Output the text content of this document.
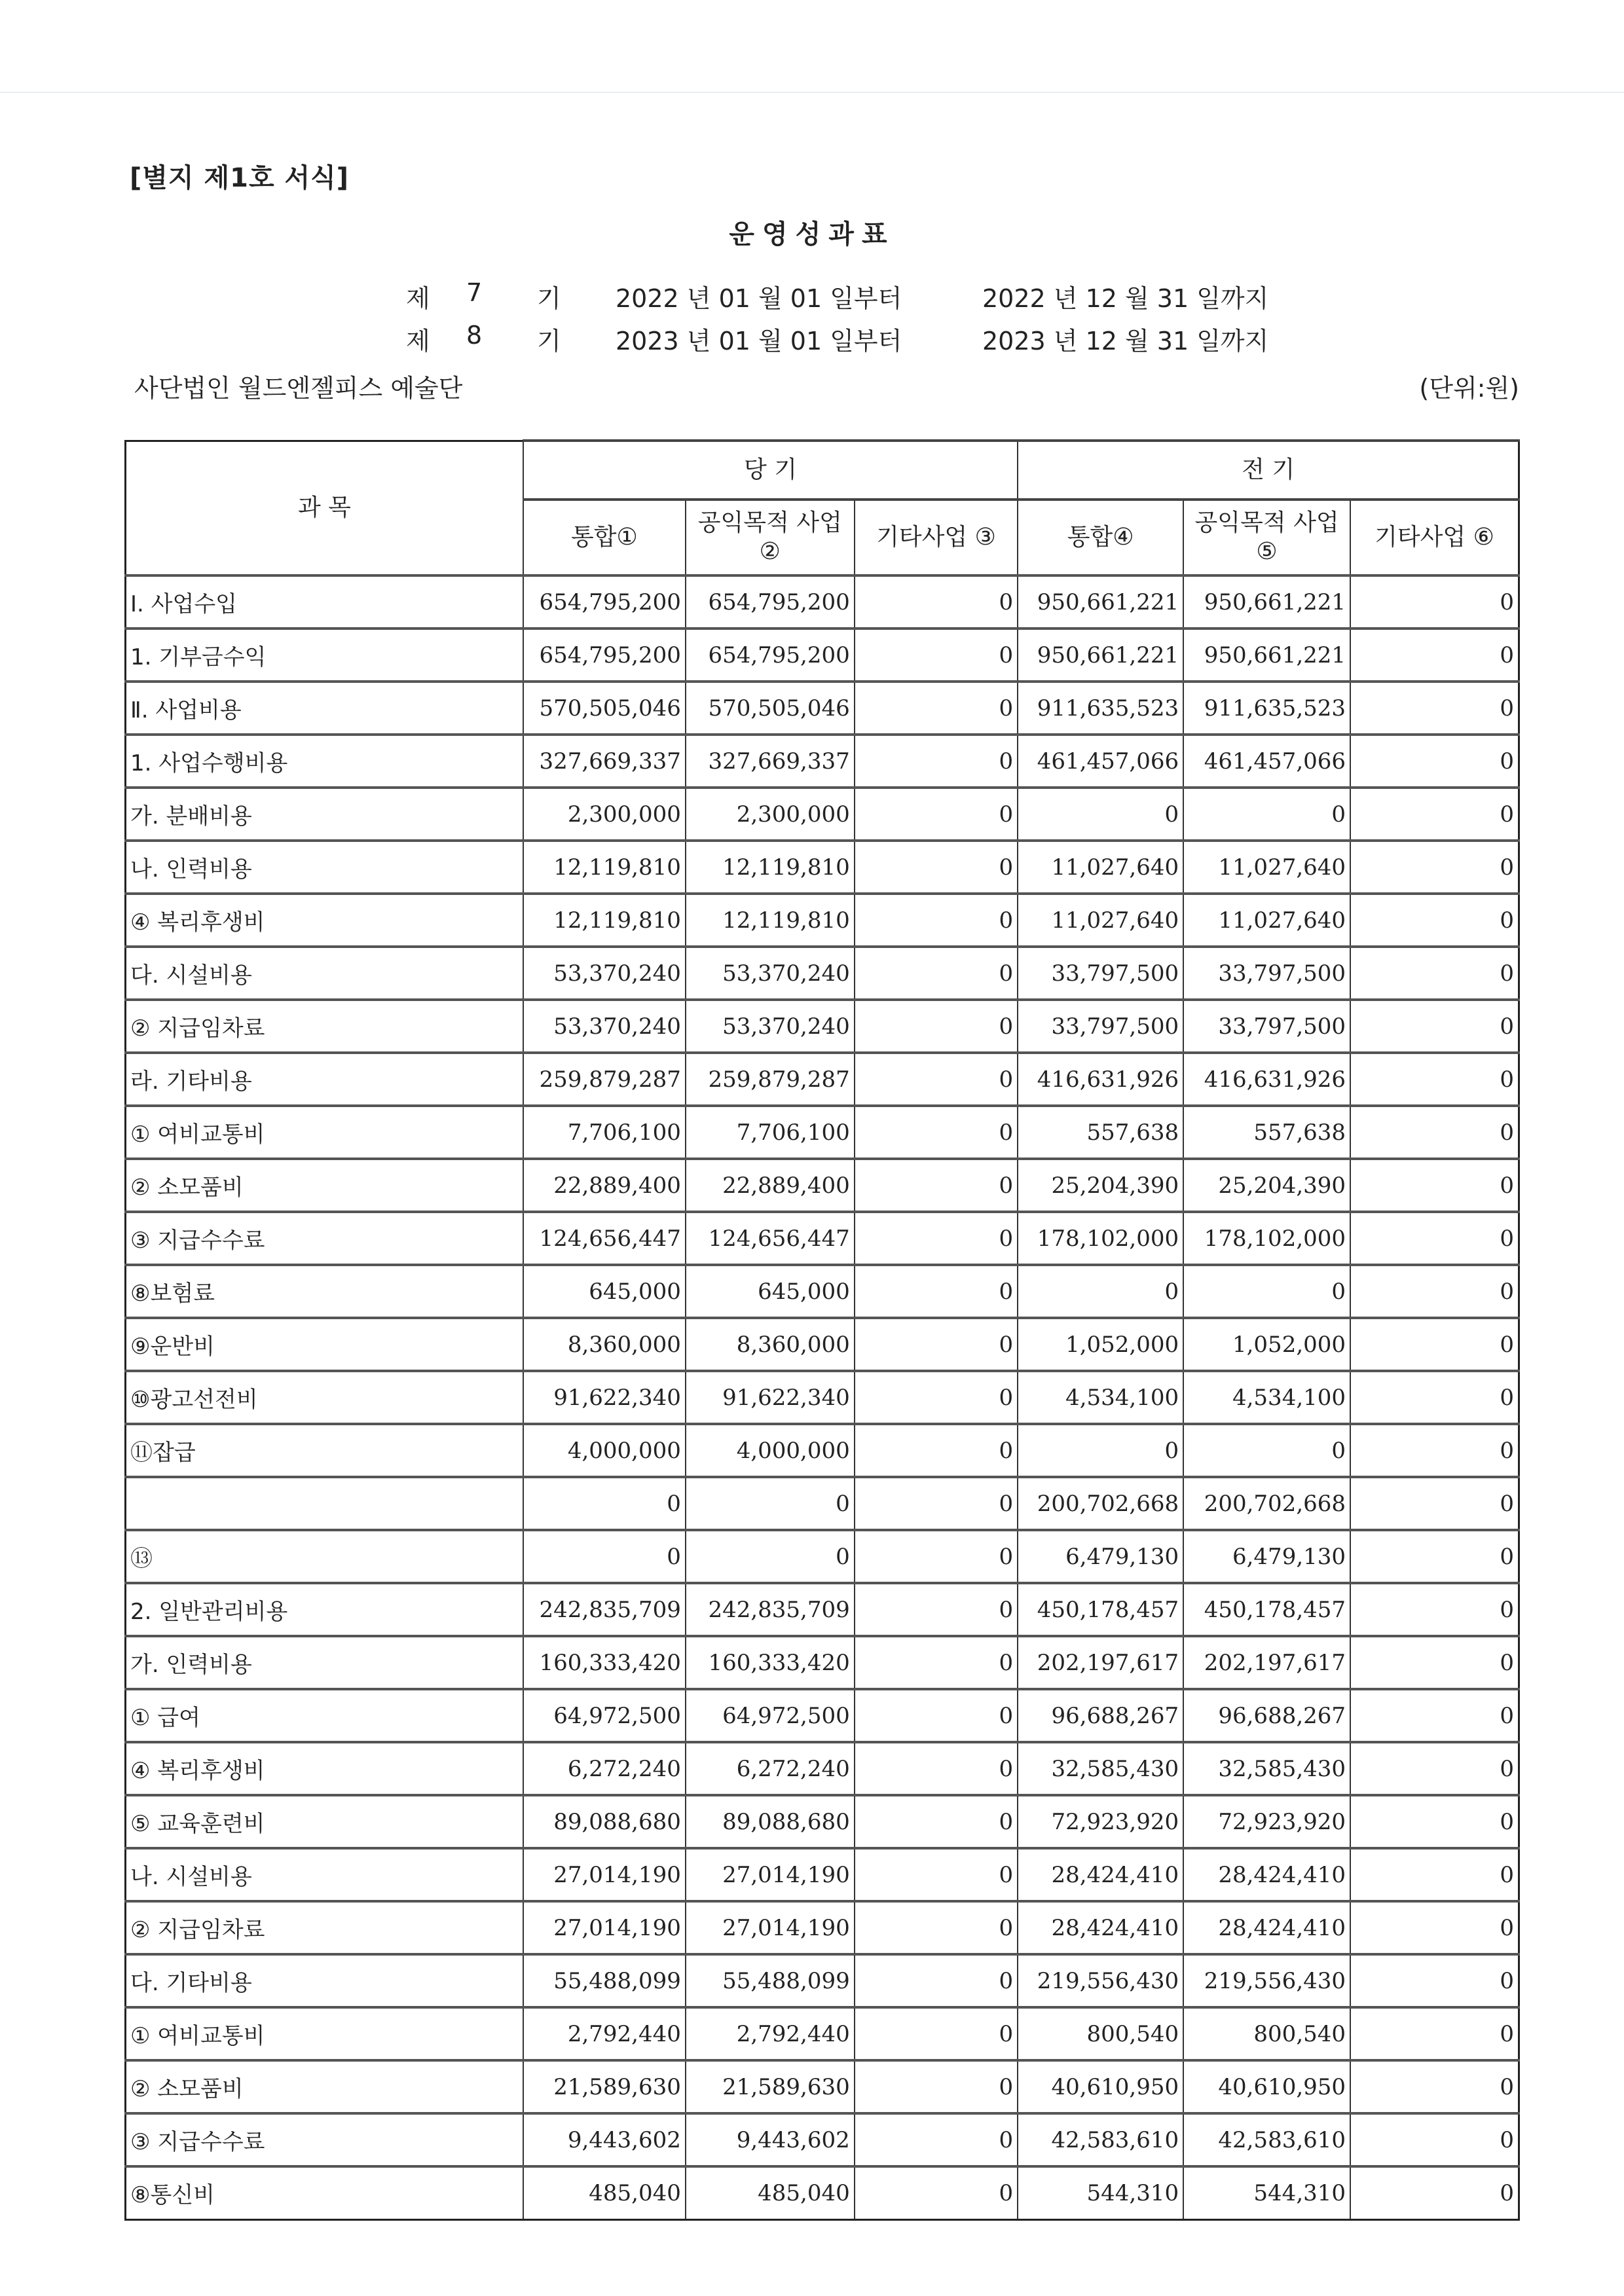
[별지 제1호 서식]
운영성과표
제 7 기 2022 년 01 월 01 일부터	2022 년 12 월 31 일까지
제 8 기 2023 년 01 월 01 일부터	2023 년 12 월 31 일까지
사단법인 월드엔젤피스 예술단	(단위:원)
과 목	당 기			전 기		
	통합①	공익목적 사업②	기타사업 ③	통합④	공익목적 사업⑤	기타사업 ⑥
Ⅰ. 사업수입	654,795,200	654,795,200	0	950,661,221	950,661,221	0
1. 기부금수익	654,795,200	654,795,200	0	950,661,221	950,661,221	0
Ⅱ. 사업비용	570,505,046	570,505,046	0	911,635,523	911,635,523	0
1. 사업수행비용	327,669,337	327,669,337	0	461,457,066	461,457,066	0
가. 분배비용	2,300,000	2,300,000	0	0	0	0
나. 인력비용	12,119,810	12,119,810	0	11,027,640	11,027,640	0
④ 복리후생비	12,119,810	12,119,810	0	11,027,640	11,027,640	0
다. 시설비용	53,370,240	53,370,240	0	33,797,500	33,797,500	0
② 지급임차료	53,370,240	53,370,240	0	33,797,500	33,797,500	0
라. 기타비용	259,879,287	259,879,287	0	416,631,926	416,631,926	0
① 여비교통비	7,706,100	7,706,100	0	557,638	557,638	0
② 소모품비	22,889,400	22,889,400	0	25,204,390	25,204,390	0
③ 지급수수료	124,656,447	124,656,447	0	178,102,000	178,102,000	0
⑧보험료	645,000	645,000	0	0	0	0
⑨운반비	8,360,000	8,360,000	0	1,052,000	1,052,000	0
⑩광고선전비	91,622,340	91,622,340	0	4,534,100	4,534,100	0
⑪잡급	4,000,000	4,000,000	0	0	0	0
	0	0	0	200,702,668	200,702,668	0
⑬	0	0	0	6,479,130	6,479,130	0
2. 일반관리비용	242,835,709	242,835,709	0	450,178,457	450,178,457	0
가. 인력비용	160,333,420	160,333,420	0	202,197,617	202,197,617	0
① 급여	64,972,500	64,972,500	0	96,688,267	96,688,267	0
④ 복리후생비	6,272,240	6,272,240	0	32,585,430	32,585,430	0
⑤ 교육훈련비	89,088,680	89,088,680	0	72,923,920	72,923,920	0
나. 시설비용	27,014,190	27,014,190	0	28,424,410	28,424,410	0
② 지급임차료	27,014,190	27,014,190	0	28,424,410	28,424,410	0
다. 기타비용	55,488,099	55,488,099	0	219,556,430	219,556,430	0
① 여비교통비	2,792,440	2,792,440	0	800,540	800,540	0
② 소모품비	21,589,630	21,589,630	0	40,610,950	40,610,950	0
③ 지급수수료	9,443,602	9,443,602	0	42,583,610	42,583,610	0
⑧통신비	485,040	485,040	0	544,310	544,310	0
